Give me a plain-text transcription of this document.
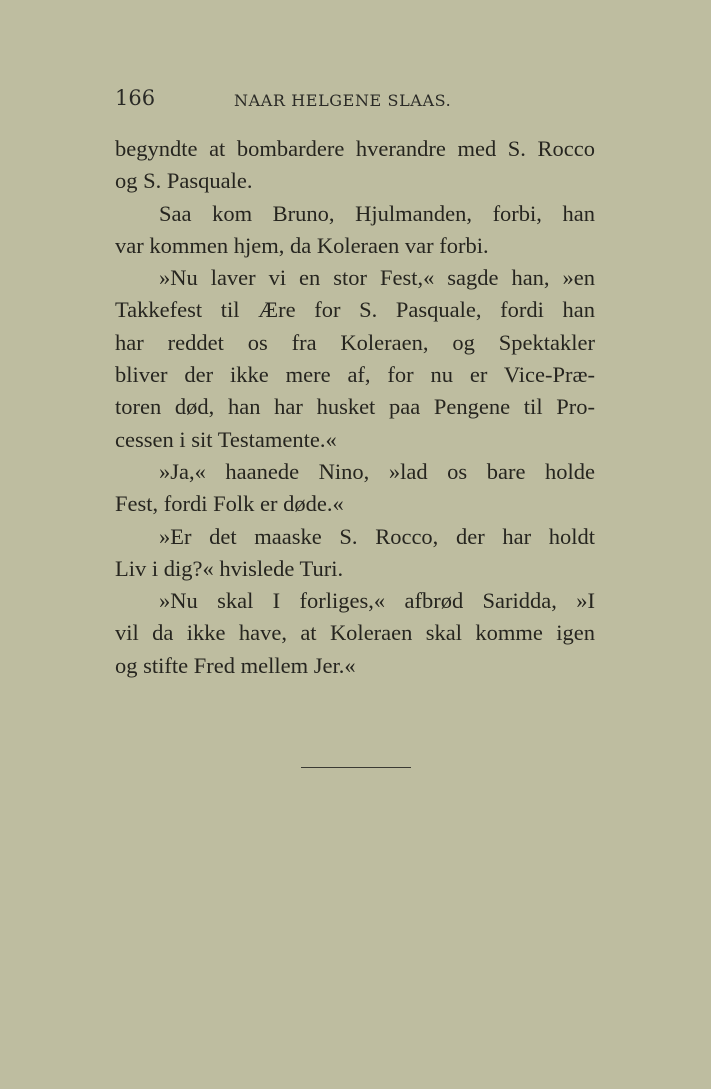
166	NAAR HELGENE SLAAS.

begyndte at bombardere hverandre med S. Rocco
og S. Pasquale.

Saa kom Bruno, Hjulmanden, forbi, han
var kommen hjem, da Koleraen var forbi.

»Nu laver vi en stor Fest,« sagde han, »en
Takkefest til Ære for S. Pasquale, fordi han
har reddet os fra Koleraen, og Spektakler
bliver der ikke mere af, for nu er Vice-Præ-
toren død, han har husket paa Pengene til Pro-
cessen i sit Testamente.«

»Ja,« haanede Nino, »lad os bare holde
Fest, fordi Folk er døde.«

»Er det maaske S. Rocco, der har holdt
Liv i dig?« hvislede Turi.

»Nu skal I forliges,« afbrød Saridda, »I
vil da ikke have, at Koleraen skal komme igen
og stifte Fred mellem Jer.«
